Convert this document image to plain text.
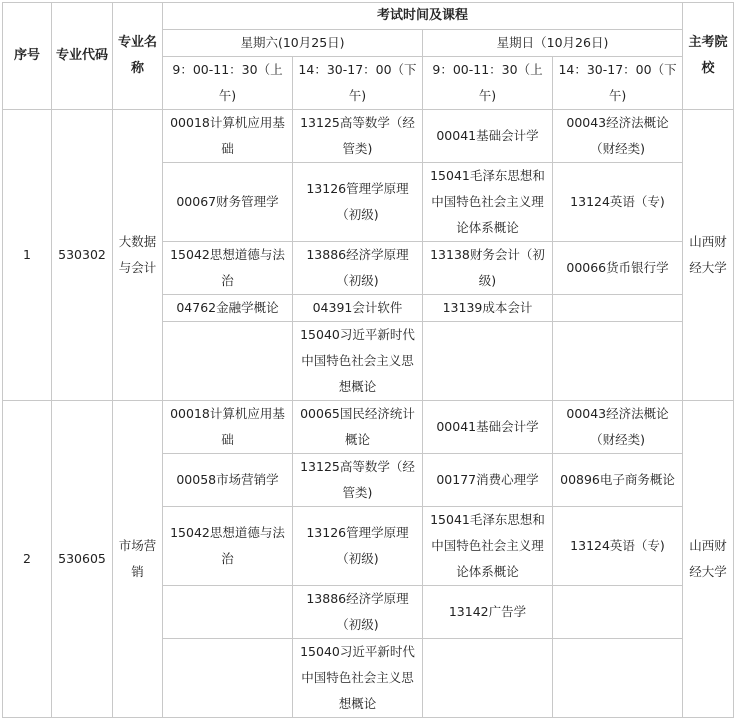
序号	专业代码	专业名称	考试时间及课程				主考院校
			星期六(10月25日)		星期日（10月26日)		
			9：00-11：30（上午)	14：30-17：00（下午)	9：00-11：30（上午)	14：30-17：00（下午)	
1	530302	大数据与会计	00018计算机应用基础	13125高等数学（经管类)	00041基础会计学	00043经济法概论（财经类)	山西财经大学
			00067财务管理学	13126管理学原理（初级)	15041毛泽东思想和中国特色社会主义理论体系概论	13124英语（专)	
			15042思想道德与法治	13886经济学原理（初级)	13138财务会计（初级)	00066货币银行学	
			04762金融学概论	04391会计软件	13139成本会计		
				15040习近平新时代中国特色社会主义思想概论			
2	530605	市场营销	00018计算机应用基础	00065国民经济统计概论	00041基础会计学	00043经济法概论（财经类)	山西财经大学
			00058市场营销学	13125高等数学（经管类)	00177消费心理学	00896电子商务概论	
			15042思想道德与法治	13126管理学原理（初级)	15041毛泽东思想和中国特色社会主义理论体系概论	13124英语（专)	
				13886经济学原理（初级)	13142广告学		
				15040习近平新时代中国特色社会主义思想概论			
